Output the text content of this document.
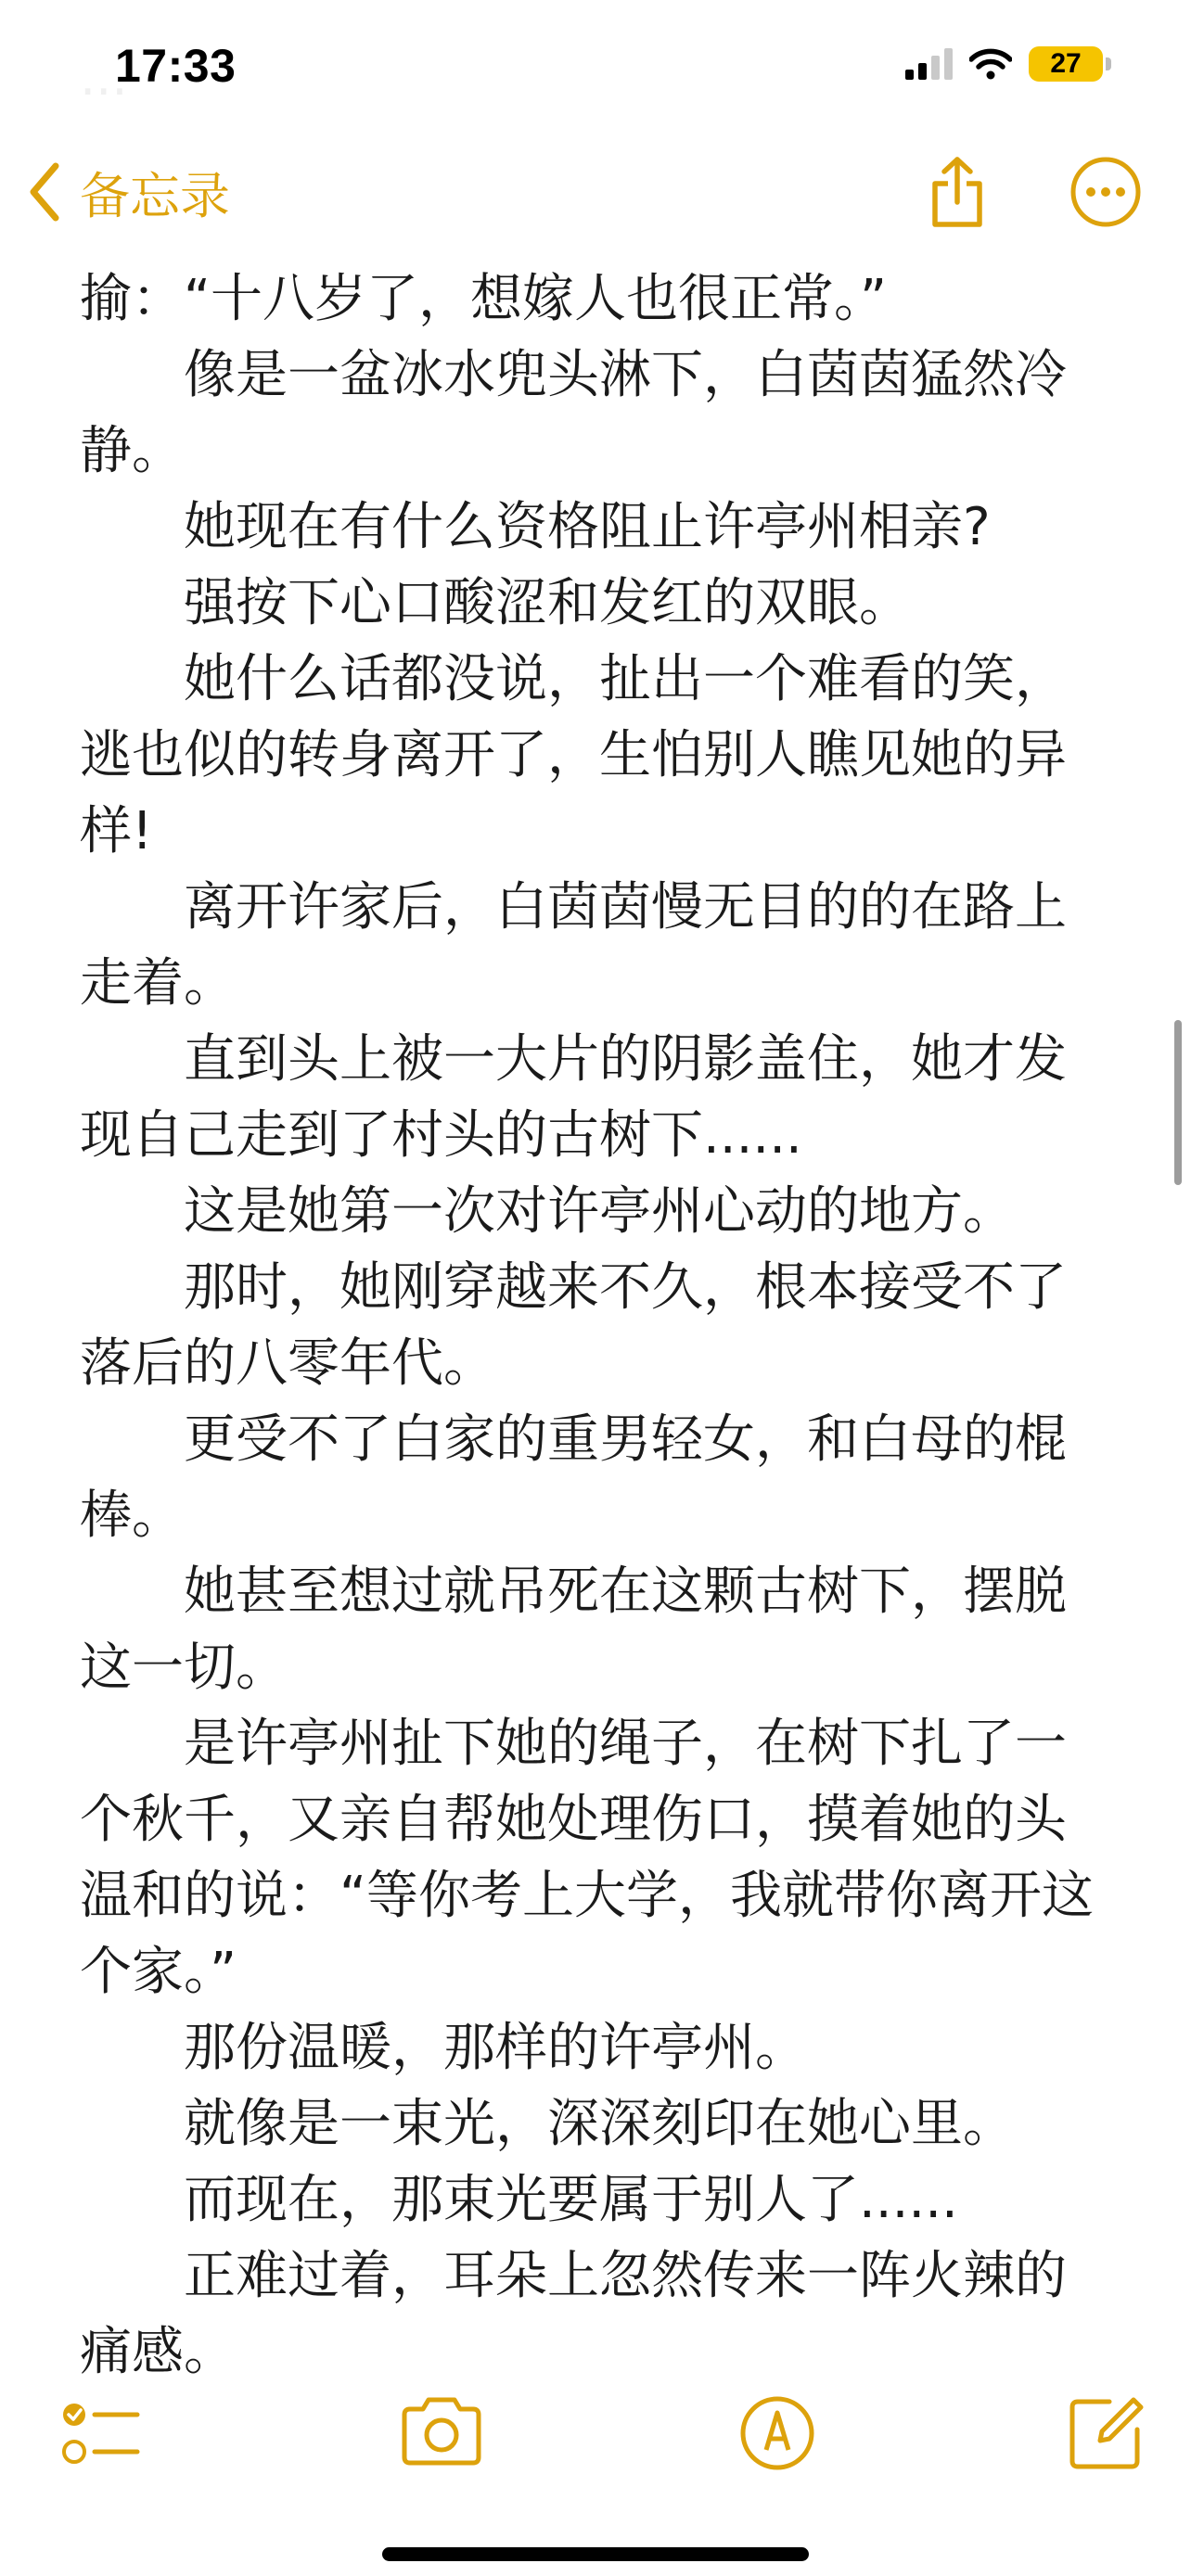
17:33	27
备忘录
...

揄：“十八岁了，想嫁人也很正常。”

像是一盆冰水兜头淋下，白茵茵猛然冷静。

她现在有什么资格阻止许亭州相亲?

强按下心口酸涩和发红的双眼。

她什么话都没说，扯出一个难看的笑，逃也似的转身离开了，生怕别人瞧见她的异样!

离开许家后，白茵茵慢无目的的在路上走着。

直到头上被一大片的阴影盖住，她才发现自己走到了村头的古树下......

这是她第一次对许亭州心动的地方。

那时，她刚穿越来不久，根本接受不了落后的八零年代。

更受不了白家的重男轻女，和白母的棍棒。

她甚至想过就吊死在这颗古树下，摆脱这一切。

是许亭州扯下她的绳子，在树下扎了一个秋千，又亲自帮她处理伤口，摸着她的头温和的说：“等你考上大学，我就带你离开这个家。”

那份温暖，那样的许亭州。

就像是一束光，深深刻印在她心里。

而现在，那束光要属于别人了......

正难过着，耳朵上忽然传来一阵火辣的痛感。
